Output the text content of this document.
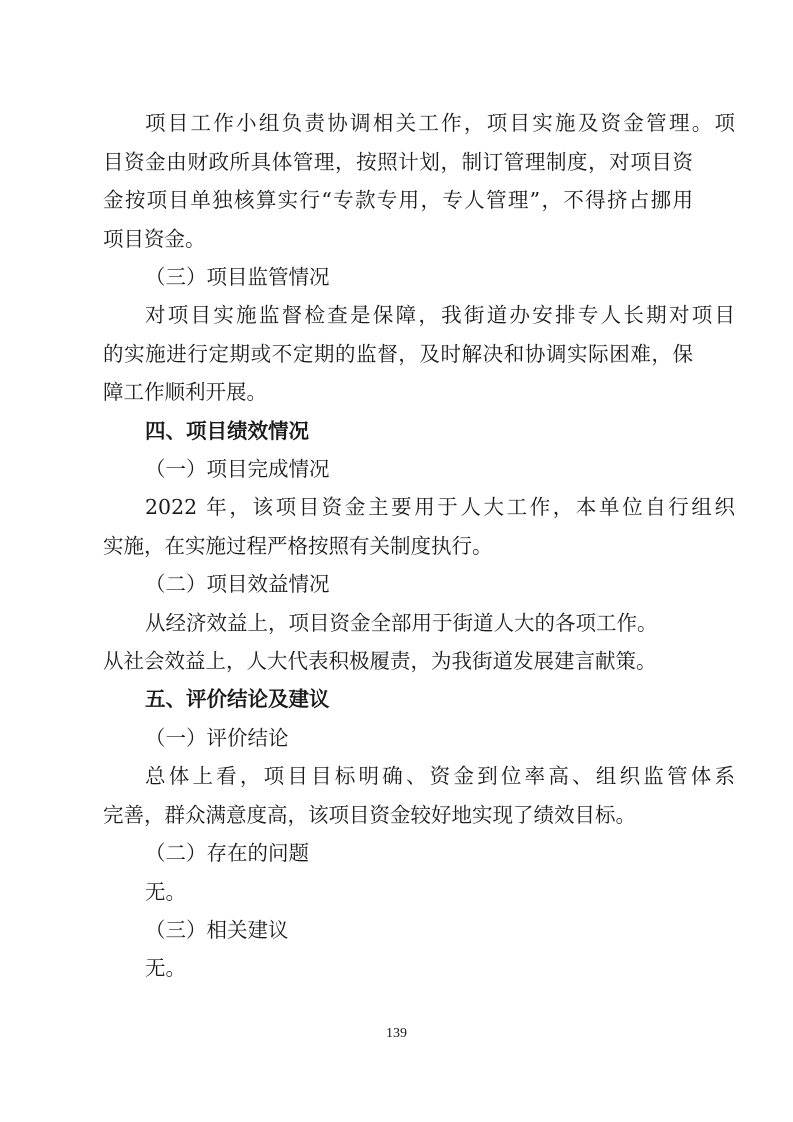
项目工作小组负责协调相关工作，项目实施及资金管理。项

目资金由财政所具体管理，按照计划，制订管理制度，对项目资

金按项目单独核算实行“专款专用，专人管理”，不得挤占挪用

项目资金。

（三）项目监管情况

对项目实施监督检查是保障，我街道办安排专人长期对项目

的实施进行定期或不定期的监督，及时解决和协调实际困难，保

障工作顺利开展。

四、项目绩效情况

（一）项目完成情况

2022 年，该项目资金主要用于人大工作，本单位自行组织

实施，在实施过程严格按照有关制度执行。

（二）项目效益情况

从经济效益上，项目资金全部用于街道人大的各项工作。

从社会效益上，人大代表积极履责，为我街道发展建言献策。

五、评价结论及建议

（一）评价结论

总体上看，项目目标明确、资金到位率高、组织监管体系

完善，群众满意度高，该项目资金较好地实现了绩效目标。

（二）存在的问题

无。

（三）相关建议

无。

139
